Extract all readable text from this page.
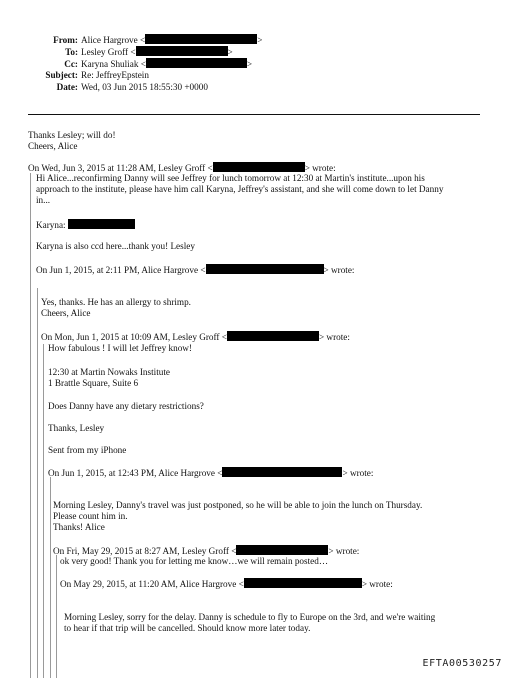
From: Alice Hargrove <	>
To: Lesley Groff <	>
Cc: Karyna Shuliak <	>
Subject: Re: JeffreyEpstein
Date: Wed, 03 Jun 2015 18:55:30 +0000
Thanks Lesley; will do!
Cheers, Alice
On Wed, Jun 3, 2015 at 11:28 AM, Lesley Groff <	> wrote:
Hi Alice...reconfirming Danny will see Jeffrey for lunch tomorrow at 12:30 at Martin's institute...upon his
approach to the institute, please have him call Karyna, Jeffrey's assistant, and she will come down to let Danny
in...
Karyna:
Karyna is also ccd here...thank you! Lesley
On Jun 1, 2015, at 2:11 PM, Alice Hargrove <	> wrote:
Yes, thanks. He has an allergy to shrimp.
Cheers, Alice
On Mon, Jun 1, 2015 at 10:09 AM, Lesley Groff <	> wrote:
How fabulous ! I will let Jeffrey know!
12:30 at Martin Nowaks Institute
1 Brattle Square, Suite 6
Does Danny have any dietary restrictions?
Thanks, Lesley
Sent from my iPhone
On Jun 1, 2015, at 12:43 PM, Alice Hargrove <	> wrote:
Morning Lesley, Danny's travel was just postponed, so he will be able to join the lunch on Thursday.
Please count him in.
Thanks! Alice
On Fri, May 29, 2015 at 8:27 AM, Lesley Groff <	> wrote:
ok very good! Thank you for letting me know…we will remain posted…
On May 29, 2015, at 11:20 AM, Alice Hargrove <	> wrote:
Morning Lesley, sorry for the delay. Danny is schedule to fly to Europe on the 3rd, and we're waiting
to hear if that trip will be cancelled. Should know more later today.
EFTA00530257
